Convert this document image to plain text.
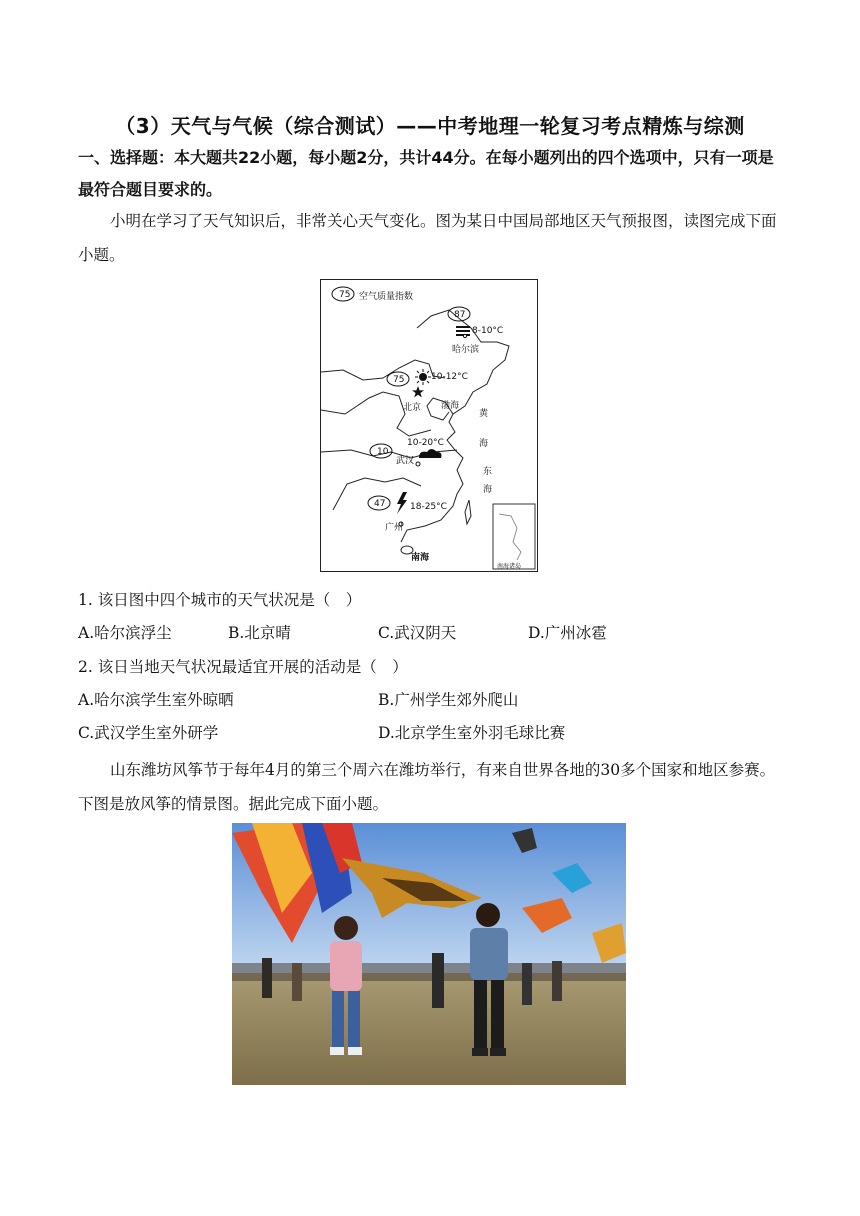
（3）天气与气候（综合测试）——中考地理一轮复习考点精炼与综测
一、选择题：本大题共22小题，每小题2分，共计44分。在每小题列出的四个选项中，只有一项是最符合题目要求的。
小明在学习了天气知识后，非常关心天气变化。图为某日中国局部地区天气预报图，读图完成下面小题。
75 空气质量指数
87
8-10°C
哈尔滨
75	10-12°C
北京 渤海
黄
海
东
海
10
10-20°C
武汉
47	18-25°C
广州
南海
南海诸岛
1. 该日图中四个城市的天气状况是（　）
A.哈尔滨浮尘	B.北京晴	C.武汉阴天	D.广州冰雹
2. 该日当地天气状况最适宜开展的活动是（　）
A.哈尔滨学生室外晾晒	B.广州学生郊外爬山
C.武汉学生室外研学	D.北京学生室外羽毛球比赛
山东潍坊风筝节于每年4月的第三个周六在潍坊举行，有来自世界各地的30多个国家和地区参赛。下图是放风筝的情景图。据此完成下面小题。
